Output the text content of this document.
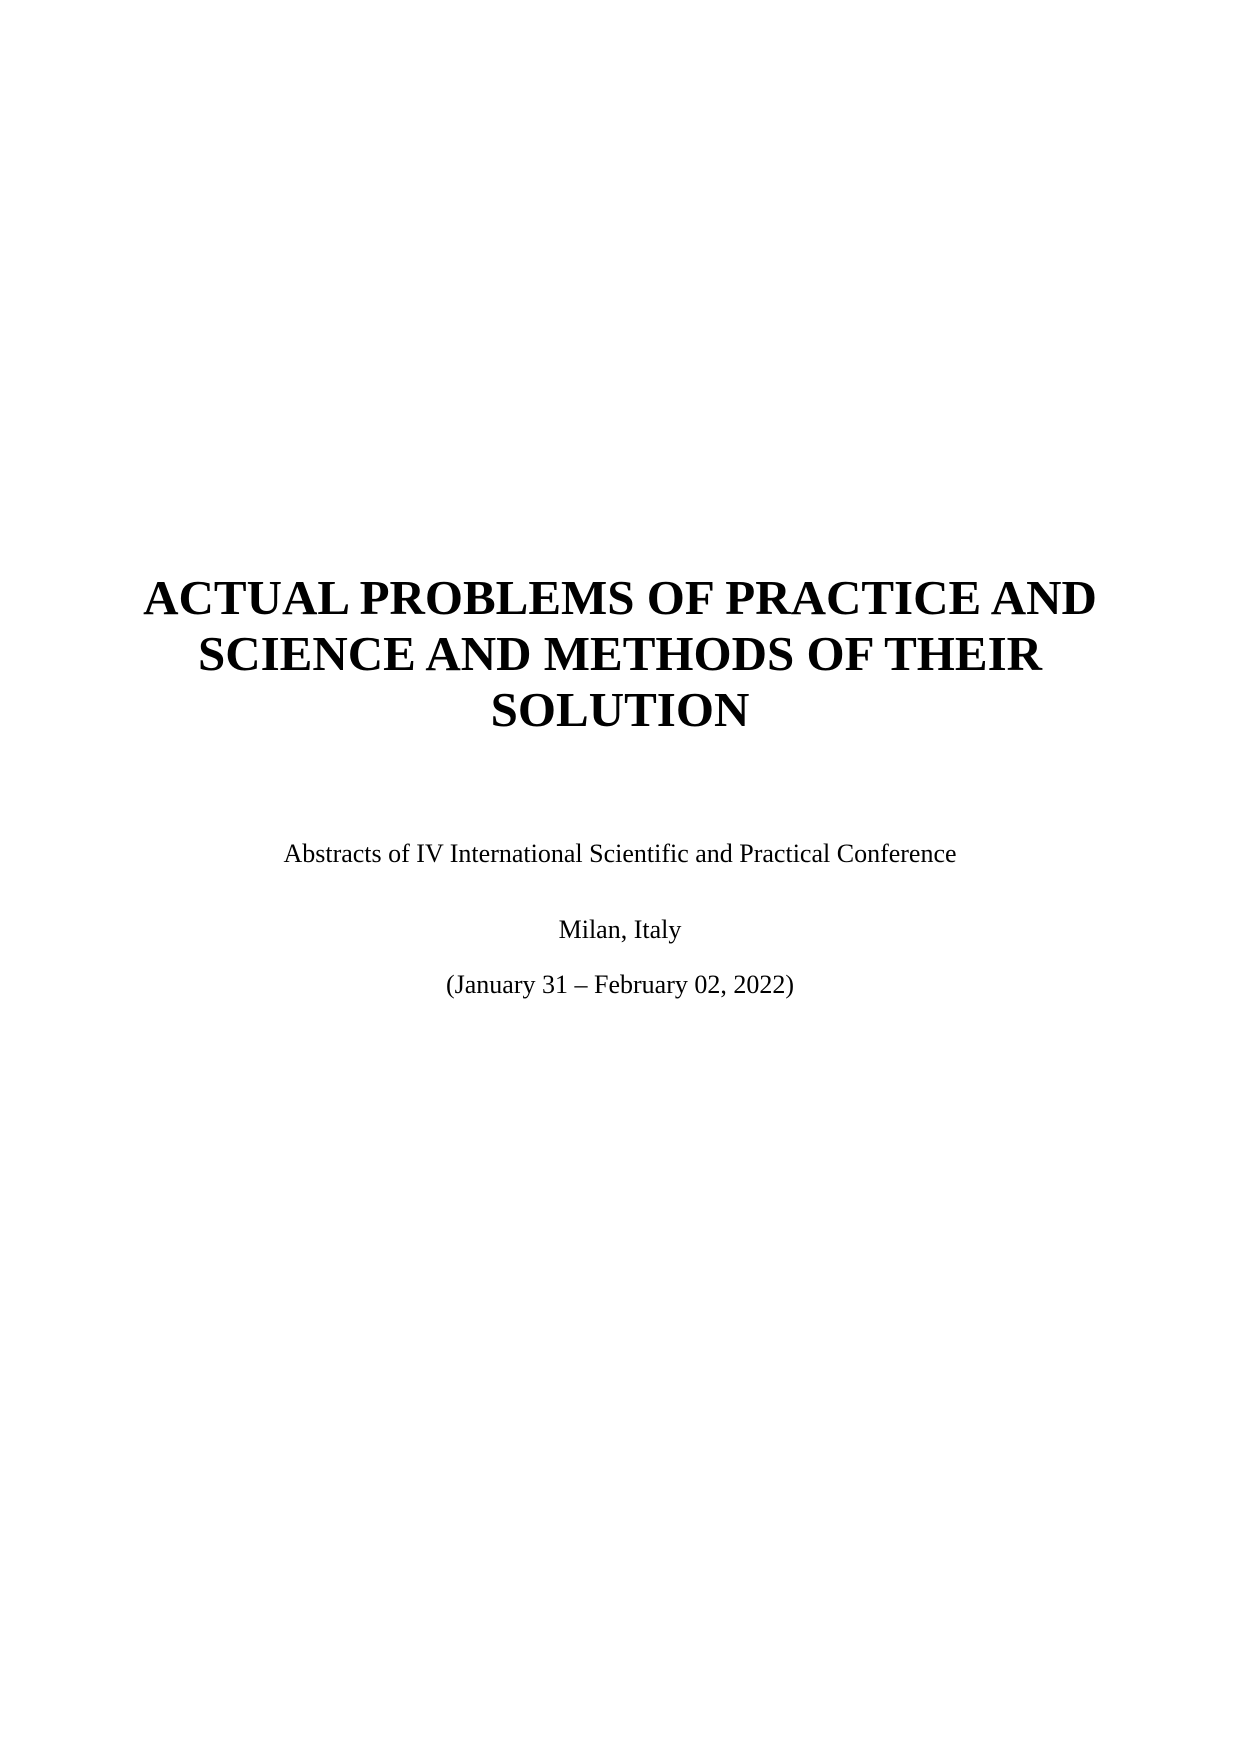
ACTUAL PROBLEMS OF PRACTICE AND
SCIENCE AND METHODS OF THEIR
SOLUTION
Abstracts of IV International Scientific and Practical Conference
Milan, Italy
(January 31 – February 02, 2022)
